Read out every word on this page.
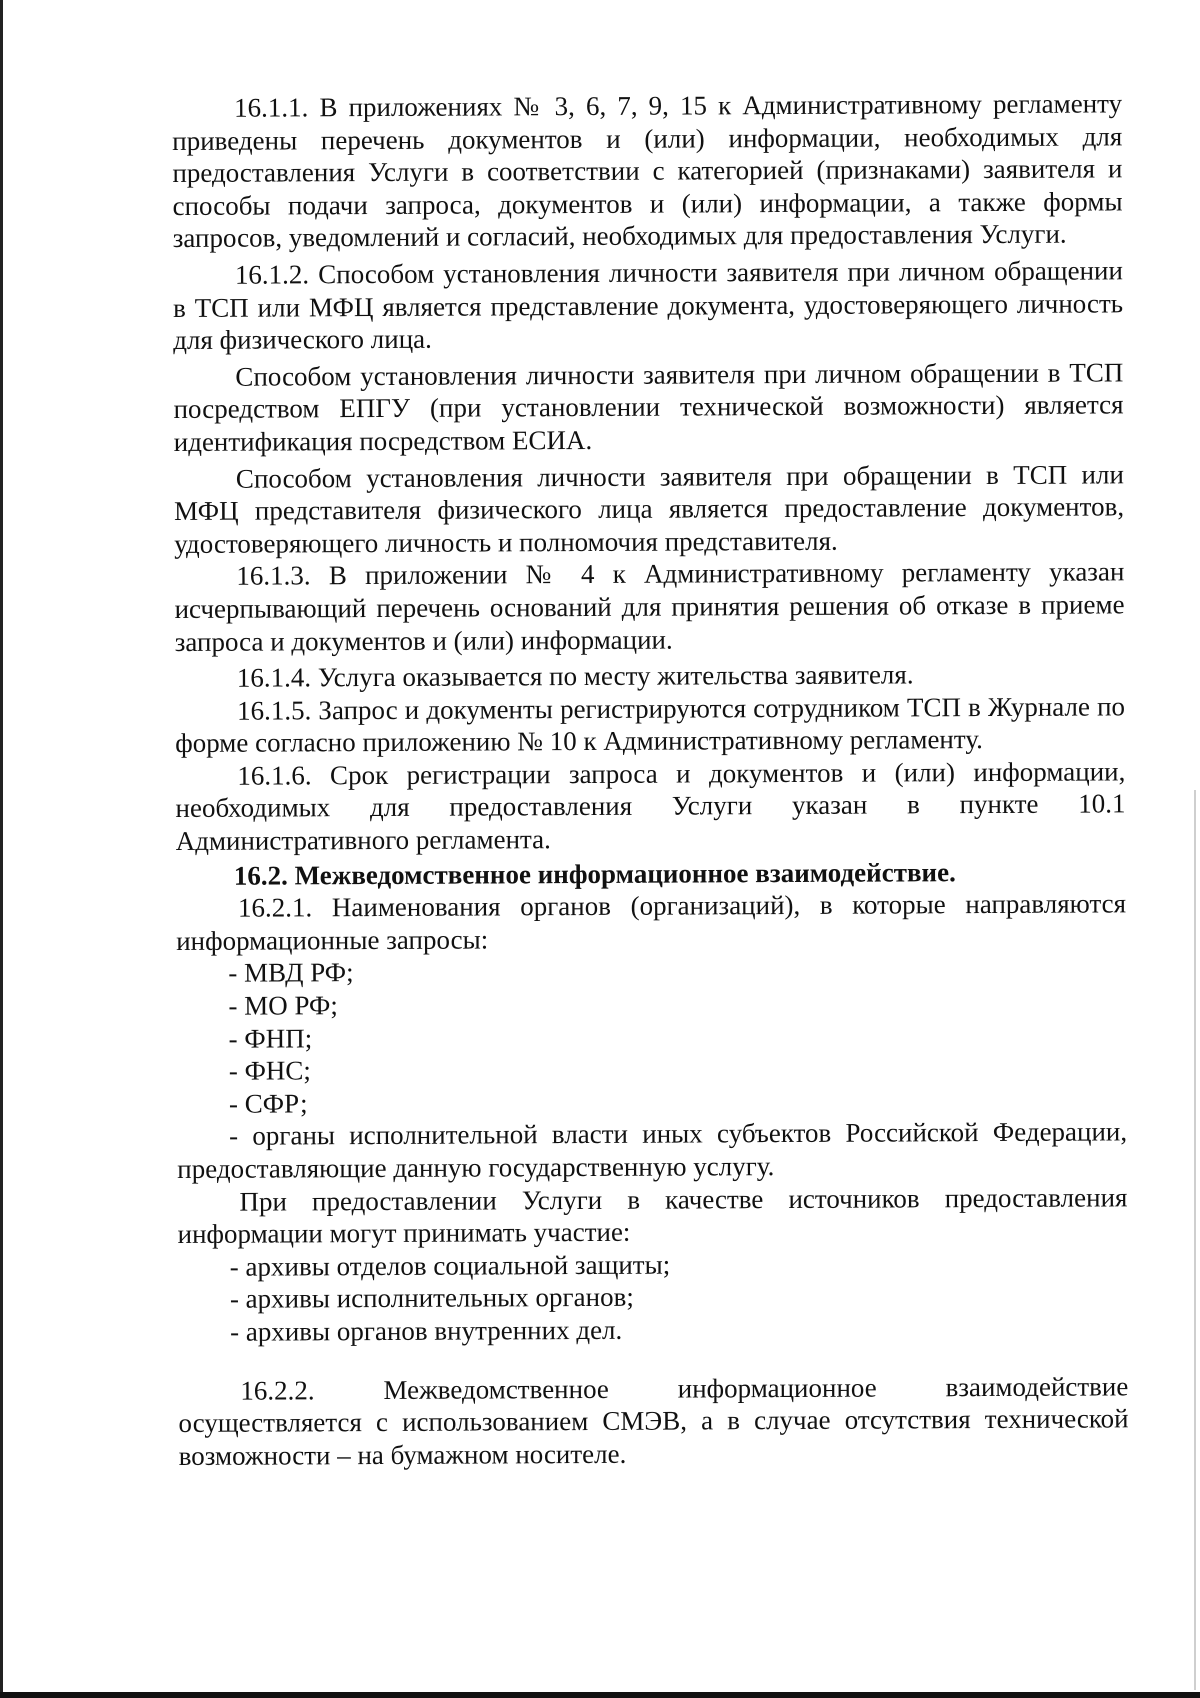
16.1.1. В приложениях № 3, 6, 7, 9, 15 к Административному регламенту приведены перечень документов и (или) информации, необходимых для предоставления Услуги в соответствии с категорией (признаками) заявителя и способы подачи запроса, документов и (или) информации, а также формы запросов, уведомлений и согласий, необходимых для предоставления Услуги.

16.1.2. Способом установления личности заявителя при личном обращении в ТСП или МФЦ является представление документа, удостоверяющего личность для физического лица.

Способом установления личности заявителя при личном обращении в ТСП посредством ЕПГУ (при установлении технической возможности) является идентификация посредством ЕСИА.

Способом установления личности заявителя при обращении в ТСП или МФЦ представителя физического лица является предоставление документов, удостоверяющего личность и полномочия представителя.

16.1.3. В приложении № 4 к Административному регламенту указан исчерпывающий перечень оснований для принятия решения об отказе в приеме запроса и документов и (или) информации.

16.1.4. Услуга оказывается по месту жительства заявителя.

16.1.5. Запрос и документы регистрируются сотрудником ТСП в Журнале по форме согласно приложению № 10 к Административному регламенту.

16.1.6. Срок регистрации запроса и документов и (или) информации, необходимых для предоставления Услуги указан в пункте 10.1 Административного регламента.

16.2. Межведомственное информационное взаимодействие.

16.2.1. Наименования органов (организаций), в которые направляются информационные запросы:

- МВД РФ;
- МО РФ;
- ФНП;
- ФНС;
- СФР;
- органы исполнительной власти иных субъектов Российской Федерации, предоставляющие данную государственную услугу.

При предоставлении Услуги в качестве источников предоставления информации могут принимать участие:

- архивы отделов социальной защиты;
- архивы исполнительных органов;
- архивы органов внутренних дел.

16.2.2. Межведомственное информационное взаимодействие осуществляется с использованием СМЭВ, а в случае отсутствия технической возможности – на бумажном носителе.
